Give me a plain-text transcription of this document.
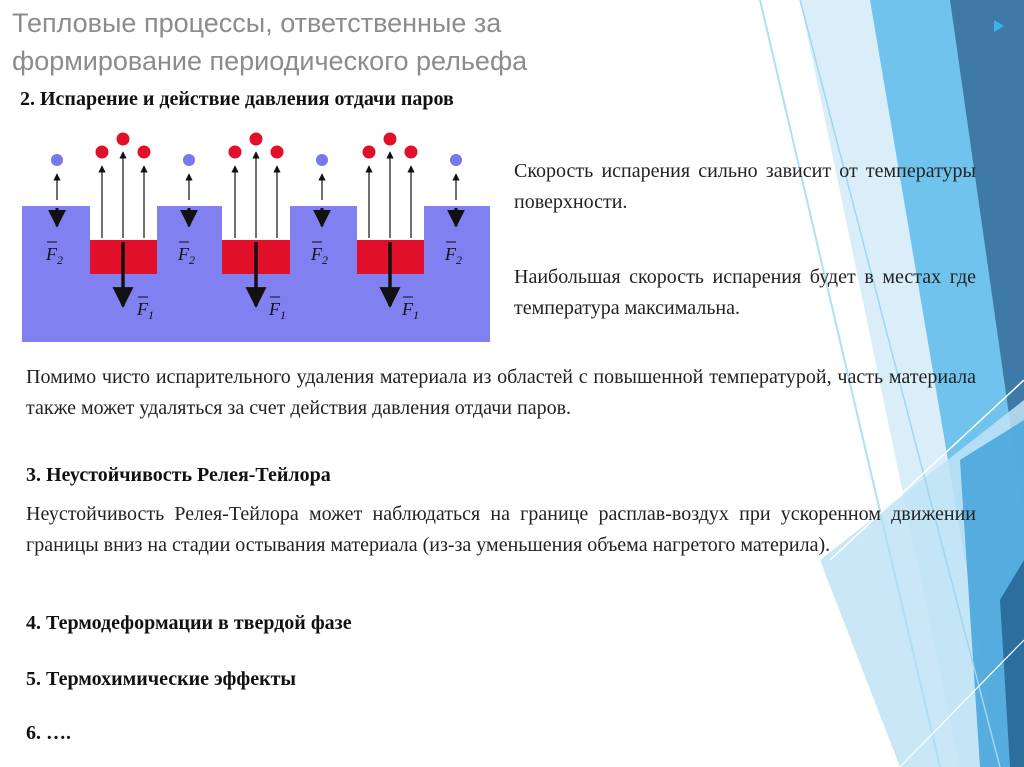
Тепловые процессы, ответственные за формирование периодического рельефа
2. Испарение и действие давления отдачи паров
$F_2$	$F_2$	$F_2$	$F_2$
$F_1$	$F_1$	$F_1$
Скорость испарения сильно зависит от температуры поверхности.
Наибольшая скорость испарения будет в местах где температура максимальна.
Помимо чисто испарительного удаления материала из областей с повышенной температурой, часть материала также может удаляться за счет действия давления отдачи паров.
3. Неустойчивость Релея-Тейлора
Неустойчивость Релея-Тейлора может наблюдаться на границе расплав-воздух при ускоренном движении границы вниз на стадии остывания материала (из-за уменьшения объема нагретого материла).
4. Термодеформации в твердой фазе
5. Термохимические эффекты
6. ….
